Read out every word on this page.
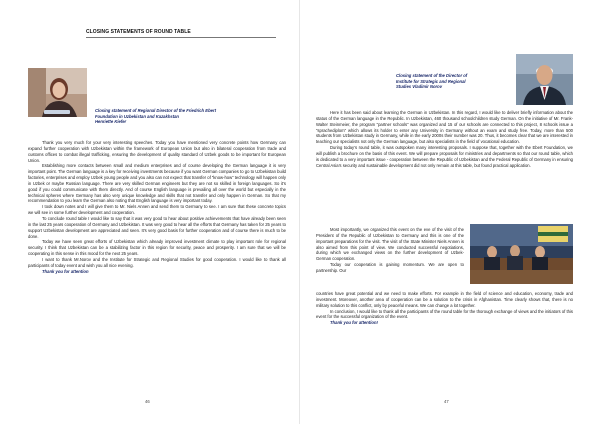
CLOSING STATEMENTS OF ROUND TABLE
Closing statement of Regional Director of the Friedrich Ebert
Foundation in Uzbekistan and Kazakhstan
Henriette Kiefer

Thank you very much for your very interesting speeches. Today you have mentioned very concrete points how Germany can expand further cooperation with Uzbekistan within the framework of European Union but also in bilateral cooperation from trade and customs offices to combat illegal trafficking, ensuring the development of quality standard of Uzbek goods to be important for European Union.

Establishing more contacts between small and medium enterprises and of course developing the German language it is very important point. The German language is a key for receiving investments because if you want German companies to go to Uzbekistan build factories, enterprises and employ Uzbek young people and you also can not expect that transfer of “know-how” technology will happen only in Uzbek or maybe Russian language. There are very skilled German engineers but they are not so skilled in foreign languages. So it’s good if you could communicate with them directly. And of course English language is prevailing all over the world but especially in the technical spheres where Germany has also very unique knowledge and skills that not transfer and only happen in German. So that my recommendation to you learn the German also noting that English language is very important today.

I took down notes and I will give them to Mr. Niels Annen and send them to Germany to see. I am sure that these concrete topics we will see in some further development and cooperation.

To conclude round table I would like to say that it was very good to hear about positive achievements that have already been seen in the last 25 years cooperation of Germany and Uzbekistan. It was very good to hear all the efforts that Germany has taken for 25 years to support Uzbekistan development are appreciated and seen. It’s very good basis for further cooperation and of course there is much to be done.

Today we have seen great efforts of Uzbekistan which already improved investment climate to play important role for regional security. I think that Uzbekistan can be a stabilizing factor in this region for security, peace and prosperity. I am sure that we will be cooperating in this sense in this mood for the next 25 years.

I want to thank Mr.Norov and the Institute for Strategic and Regional Studies for good cooperation. I would like to thank all participants of today event and wish you all nice evening.

Thank you for attention

46
Closing statement of the Director of
Institute for Strategic and Regional
Studies Vladimir Norov

Here it has been said about learning the German in Uzbekistan. In this regard, I would like to deliver briefly information about the status of the German language in the Republic. In Uzbekistan, 460 thousand schoolchildren study German. On the initiative of Mr. Frank-Walter Steinmeier, the program “partner schools” was organized and 15 of our schools are connected to this project, 8 schools issue a “sprachediplom” which allows its holder to enter any University in Germany without an exam and study free. Today, more than 500 students from Uzbekistan study in Germany, while in the early 2000s their number was 20. Thus, it becomes clear that we are interested in teaching our specialists not only the German language, but also specialists in the field of vocational education.

During today’s round table, it was outspoken many interesting proposals. I suppose that, together with the Ebert Foundation, we will publish a brochure on the basis of this event. We will prepare proposals for ministries and departments so that our round table, which is dedicated to a very important issue - cooperation between the Republic of Uzbekistan and the Federal Republic of Germany in ensuring Central Asia’s security and sustainable development did not only remain at this table, but found practical application.

Most importantly, we organized this event on the eve of the visit of the President of the Republic of Uzbekistan to Germany and this is one of the important preparations for the visit. The visit of the State Minister Niels Annen is also aimed from this point of view. We conducted successful negotiations, during which we exchanged views on the further development of Uzbek-German cooperation.

Today our cooperation is gaining momentum. We are open to partnership. Our

countries have great potential and we need to make efforts. For example in the field of science and education, economy, trade and investment. Moreover, another area of cooperation can be a solution to the crisis in Afghanistan. Time clearly shows that, there is no military solution to this conflict, only by peaceful means. We can change a lot together.

In conclusion, I would like to thank all the participants of the round table for the thorough exchange of views and the initiators of this event for the successful organization of the event.

Thank you for attention!

47
